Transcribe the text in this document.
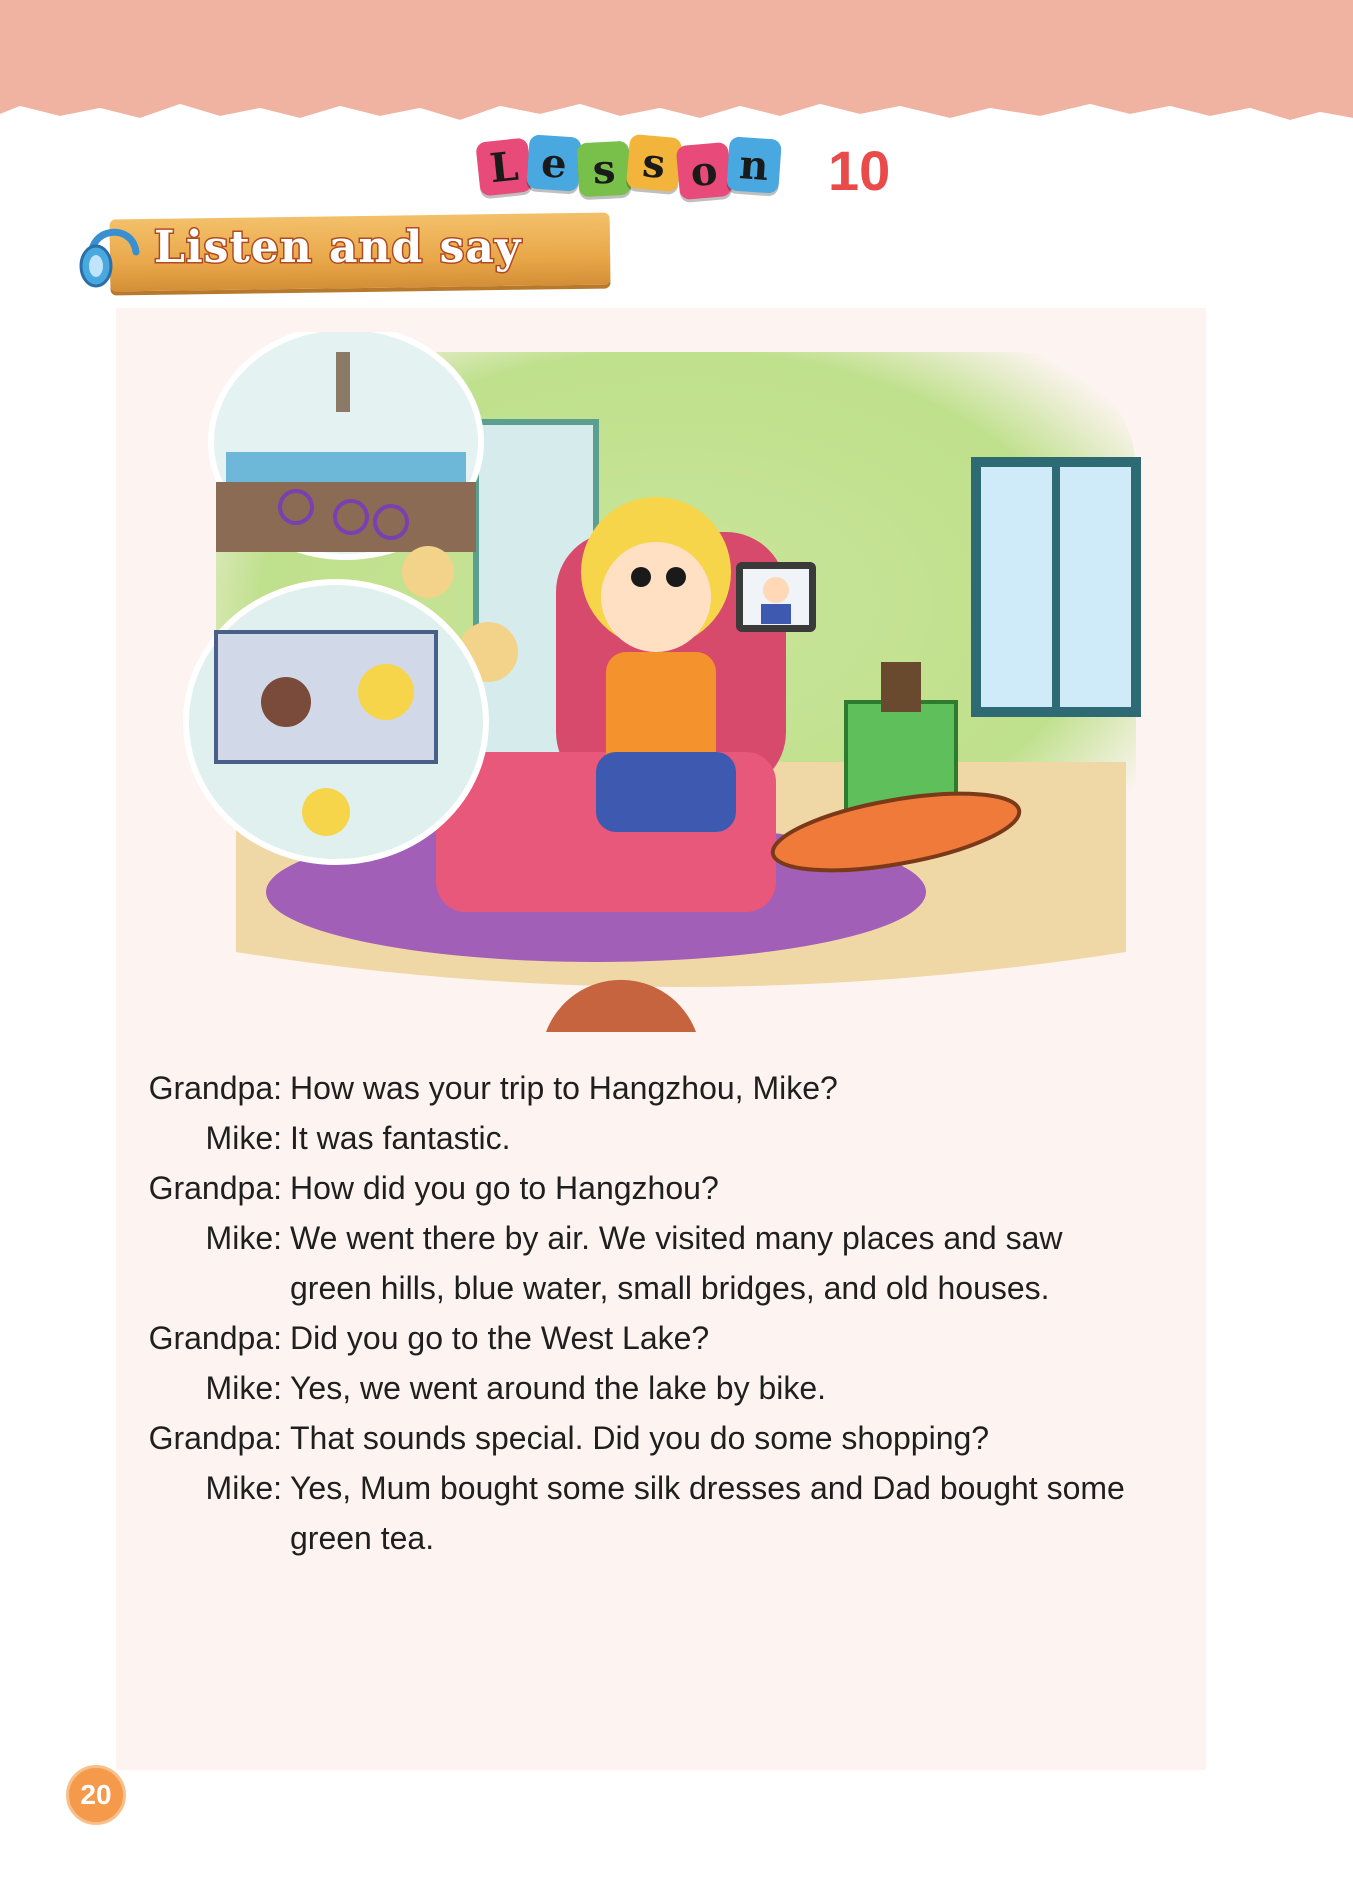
L e s s o n 10
Listen and say
Grandpa: How was your trip to Hangzhou, Mike?
Mike: It was fantastic.
Grandpa: How did you go to Hangzhou?
Mike: We went there by air. We visited many places and saw
green hills, blue water, small bridges, and old houses.
Grandpa: Did you go to the West Lake?
Mike: Yes, we went around the lake by bike.
Grandpa: That sounds special. Did you do some shopping?
Mike: Yes, Mum bought some silk dresses and Dad bought some
green tea.
20
